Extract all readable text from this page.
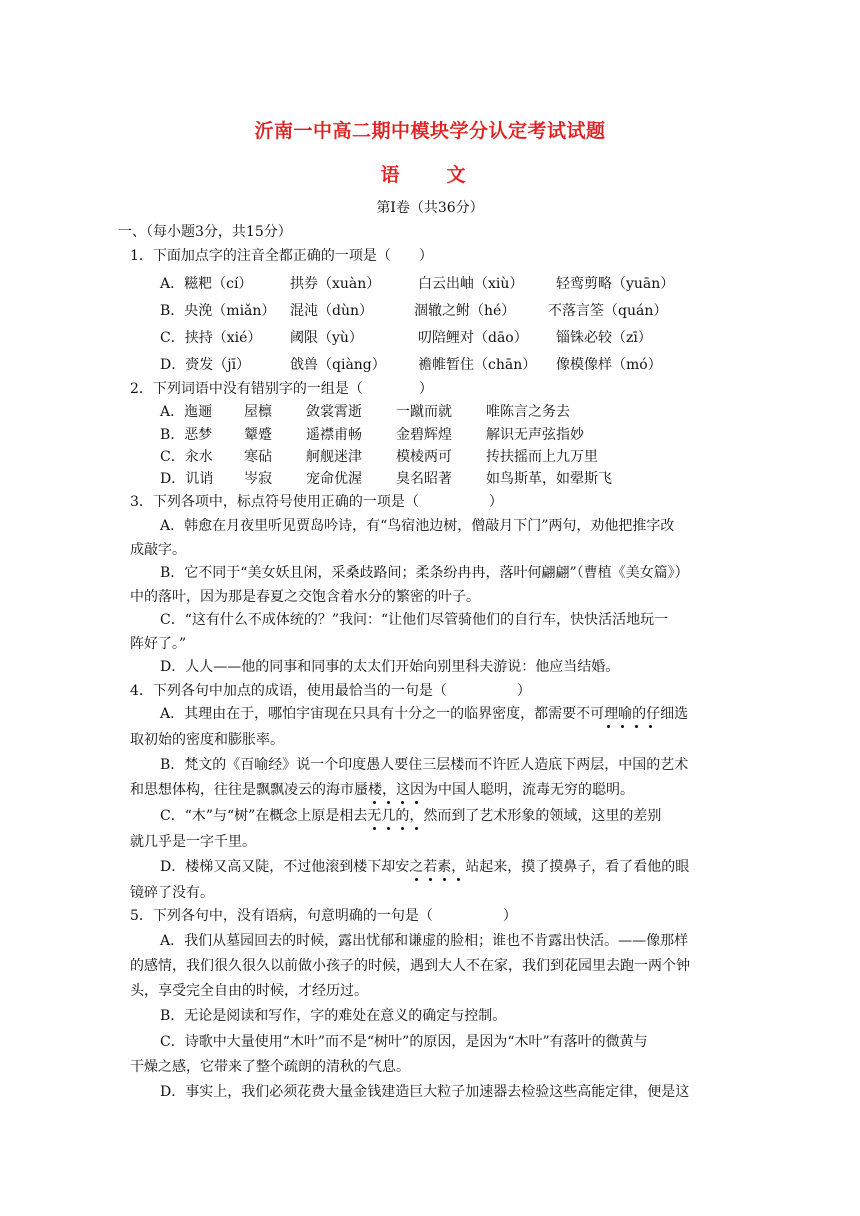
沂南一中高二期中模块学分认定考试试题
语　文
第Ⅰ卷（共36分）
一、（每小题3分，共15分）
1．下面加点字的注音全都正确的一项是（　　）
A．糍粑（cí）	拱券（xuàn）	白云出岫（xiù） 轻鸾剪略（yuān）
B．央浼（miǎn） 混沌（dùn）	涸辙之鲋（hé） 不落言筌（quán）
C．挟持（xié） 阈限（yù）	叨陪鲤对（dāo） 锱铢必较（zī）
D．赍发（jī）	戗兽（qiàng） 襜帷暂住（chān） 像模像样（mó）
2．下列词语中没有错别字的一组是（　　　　）
A．迤逦 屋檩 敛裳霄逝 一蹴而就 唯陈言之务去
B．恶梦 颦蹙 遥襟甫畅 金碧辉煌 解识无声弦指妙
C．汆水 寒砧 舸舰迷津 模棱两可 抟扶摇而上九万里
D．讥诮 岑寂 宠命优渥 臭名昭著 如鸟斯革，如翚斯飞
3．下列各项中，标点符号使用正确的一项是（　　　　　）
A．韩愈在月夜里听见贾岛吟诗，有“鸟宿池边树，僧敲月下门”两句，劝他把推字改
成敲字。
B．它不同于“美女妖且闲，采桑歧路间；柔条纷冉冉，落叶何翩翩”（曹植《美女篇》）
中的落叶，因为那是春夏之交饱含着水分的繁密的叶子。
C．“这有什么不成体统的？”我问：“让他们尽管骑他们的自行车，快快活活地玩一
阵好了。”
D．人人——他的同事和同事的太太们开始向别里科夫游说：他应当结婚。
4．下列各句中加点的成语，使用最恰当的一句是（　　　　　）
A．其理由在于，哪怕宇宙现在只具有十分之一的临界密度，都需要不可理喻的仔细选
取初始的密度和膨胀率。
B．梵文的《百喻经》说一个印度愚人要住三层楼而不许匠人造底下两层，中国的艺术
和思想体构，往往是飘飘凌云的海市蜃楼，这因为中国人聪明，流毒无穷的聪明。
C．“木”与“树”在概念上原是相去无几的，然而到了艺术形象的领域，这里的差别
就几乎是一字千里。
D．楼梯又高又陡，不过他滚到楼下却安之若素，站起来，摸了摸鼻子，看了看他的眼
镜碎了没有。
5．下列各句中，没有语病，句意明确的一句是（　　　　　）
A．我们从墓园回去的时候，露出忧郁和谦虚的脸相；谁也不肯露出快活。——像那样
的感情，我们很久很久以前做小孩子的时候，遇到大人不在家，我们到花园里去跑一两个钟
头，享受完全自由的时候，才经历过。
B．无论是阅读和写作，字的难处在意义的确定与控制。
C．诗歌中大量使用“木叶”而不是“树叶”的原因，是因为“木叶”有落叶的微黄与
干燥之感，它带来了整个疏朗的清秋的气息。
D．事实上，我们必须花费大量金钱建造巨大粒子加速器去检验这些高能定律，便是这
